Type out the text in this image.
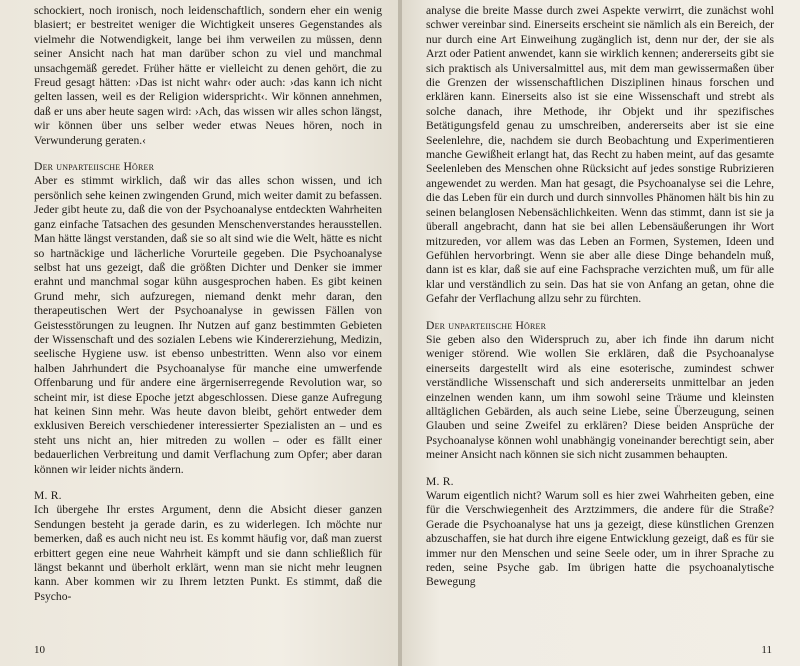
schockiert, noch ironisch, noch leidenschaftlich, sondern eher ein wenig blasiert; er bestreitet weniger die Wichtigkeit unseres Gegenstandes als vielmehr die Notwendigkeit, lange bei ihm verweilen zu müssen, denn seiner Ansicht nach hat man darüber schon zu viel und manchmal unsachgemäß geredet. Früher hätte er vielleicht zu denen gehört, die zu Freud gesagt hätten: ›Das ist nicht wahr‹ oder auch: ›das kann ich nicht gelten lassen, weil es der Religion widerspricht‹. Wir können annehmen, daß er uns aber heute sagen wird: ›Ach, das wissen wir alles schon längst, wir können über uns selber weder etwas Neues hören, noch in Verwunderung geraten.‹

Der unparteiische Hörer

Aber es stimmt wirklich, daß wir das alles schon wissen, und ich persönlich sehe keinen zwingenden Grund, mich weiter damit zu befassen. Jeder gibt heute zu, daß die von der Psychoanalyse entdeckten Wahrheiten ganz einfache Tatsachen des gesunden Menschenverstandes herausstellen. Man hätte längst verstanden, daß sie so alt sind wie die Welt, hätte es nicht so hartnäckige und lächerliche Vorurteile gegeben. Die Psychoanalyse selbst hat uns gezeigt, daß die größten Dichter und Denker sie immer erahnt und manchmal sogar kühn ausgesprochen haben. Es gibt keinen Grund mehr, sich aufzuregen, niemand denkt mehr daran, den therapeutischen Wert der Psychoanalyse in gewissen Fällen von Geistesstörungen zu leugnen. Ihr Nutzen auf ganz bestimmten Gebieten der Wissenschaft und des sozialen Lebens wie Kindererziehung, Medizin, seelische Hygiene usw. ist ebenso unbestritten. Wenn also vor einem halben Jahrhundert die Psychoanalyse für manche eine umwerfende Offenbarung und für andere eine ärgerniserregende Revolution war, so scheint mir, ist diese Epoche jetzt abgeschlossen. Diese ganze Aufregung hat keinen Sinn mehr. Was heute davon bleibt, gehört entweder dem exklusiven Bereich verschiedener interessierter Spezialisten an – und es steht uns nicht an, hier mitreden zu wollen – oder es fällt einer bedauerlichen Verbreitung und damit Verflachung zum Opfer; aber daran können wir leider nichts ändern.

M. R.

Ich übergehe Ihr erstes Argument, denn die Absicht dieser ganzen Sendungen besteht ja gerade darin, es zu widerlegen. Ich möchte nur bemerken, daß es auch nicht neu ist. Es kommt häufig vor, daß man zuerst erbittert gegen eine neue Wahrheit kämpft und sie dann schließlich für längst bekannt und überholt erklärt, wenn man sie nicht mehr leugnen kann. Aber kommen wir zu Ihrem letzten Punkt. Es stimmt, daß die Psycho-

10

analyse die breite Masse durch zwei Aspekte verwirrt, die zunächst wohl schwer vereinbar sind. Einerseits erscheint sie nämlich als ein Bereich, der nur durch eine Art Einweihung zugänglich ist, denn nur der, der sie als Arzt oder Patient anwendet, kann sie wirklich kennen; andererseits gibt sie sich praktisch als Universalmittel aus, mit dem man gewissermaßen über die Grenzen der wissenschaftlichen Disziplinen hinaus forschen und erklären kann. Einerseits also ist sie eine Wissenschaft und strebt als solche danach, ihre Methode, ihr Objekt und ihr spezifisches Betätigungsfeld genau zu umschreiben, andererseits aber ist sie eine Seelenlehre, die, nachdem sie durch Beobachtung und Experimentieren manche Gewißheit erlangt hat, das Recht zu haben meint, auf das gesamte Seelenleben des Menschen ohne Rücksicht auf jedes sonstige Rubrizieren angewendet zu werden. Man hat gesagt, die Psychoanalyse sei die Lehre, die das Leben für ein durch und durch sinnvolles Phänomen hält bis hin zu seinen belanglosen Nebensächlichkeiten. Wenn das stimmt, dann ist sie ja überall angebracht, dann hat sie bei allen Lebensäußerungen ihr Wort mitzureden, vor allem was das Leben an Formen, Systemen, Ideen und Gefühlen hervorbringt. Wenn sie aber alle diese Dinge behandeln muß, dann ist es klar, daß sie auf eine Fachsprache verzichten muß, um für alle klar und verständlich zu sein. Das hat sie von Anfang an getan, ohne die Gefahr der Verflachung allzu sehr zu fürchten.

Der unparteiische Hörer

Sie geben also den Widerspruch zu, aber ich finde ihn darum nicht weniger störend. Wie wollen Sie erklären, daß die Psychoanalyse einerseits dargestellt wird als eine esoterische, zumindest schwer verständliche Wissenschaft und sich andererseits unmittelbar an jeden einzelnen wenden kann, um ihm sowohl seine Träume und kleinsten alltäglichen Gebärden, als auch seine Liebe, seine Überzeugung, seinen Glauben und seine Zweifel zu erklären? Diese beiden Ansprüche der Psychoanalyse können wohl unabhängig voneinander berechtigt sein, aber meiner Ansicht nach können sie sich nicht zusammen behaupten.

M. R.

Warum eigentlich nicht? Warum soll es hier zwei Wahrheiten geben, eine für die Verschwiegenheit des Arztzimmers, die andere für die Straße? Gerade die Psychoanalyse hat uns ja gezeigt, diese künstlichen Grenzen abzuschaffen, sie hat durch ihre eigene Entwicklung gezeigt, daß es für sie immer nur den Menschen und seine Seele oder, um in ihrer Sprache zu reden, seine Psyche gab. Im übrigen hatte die psychoanalytische Bewegung

11
